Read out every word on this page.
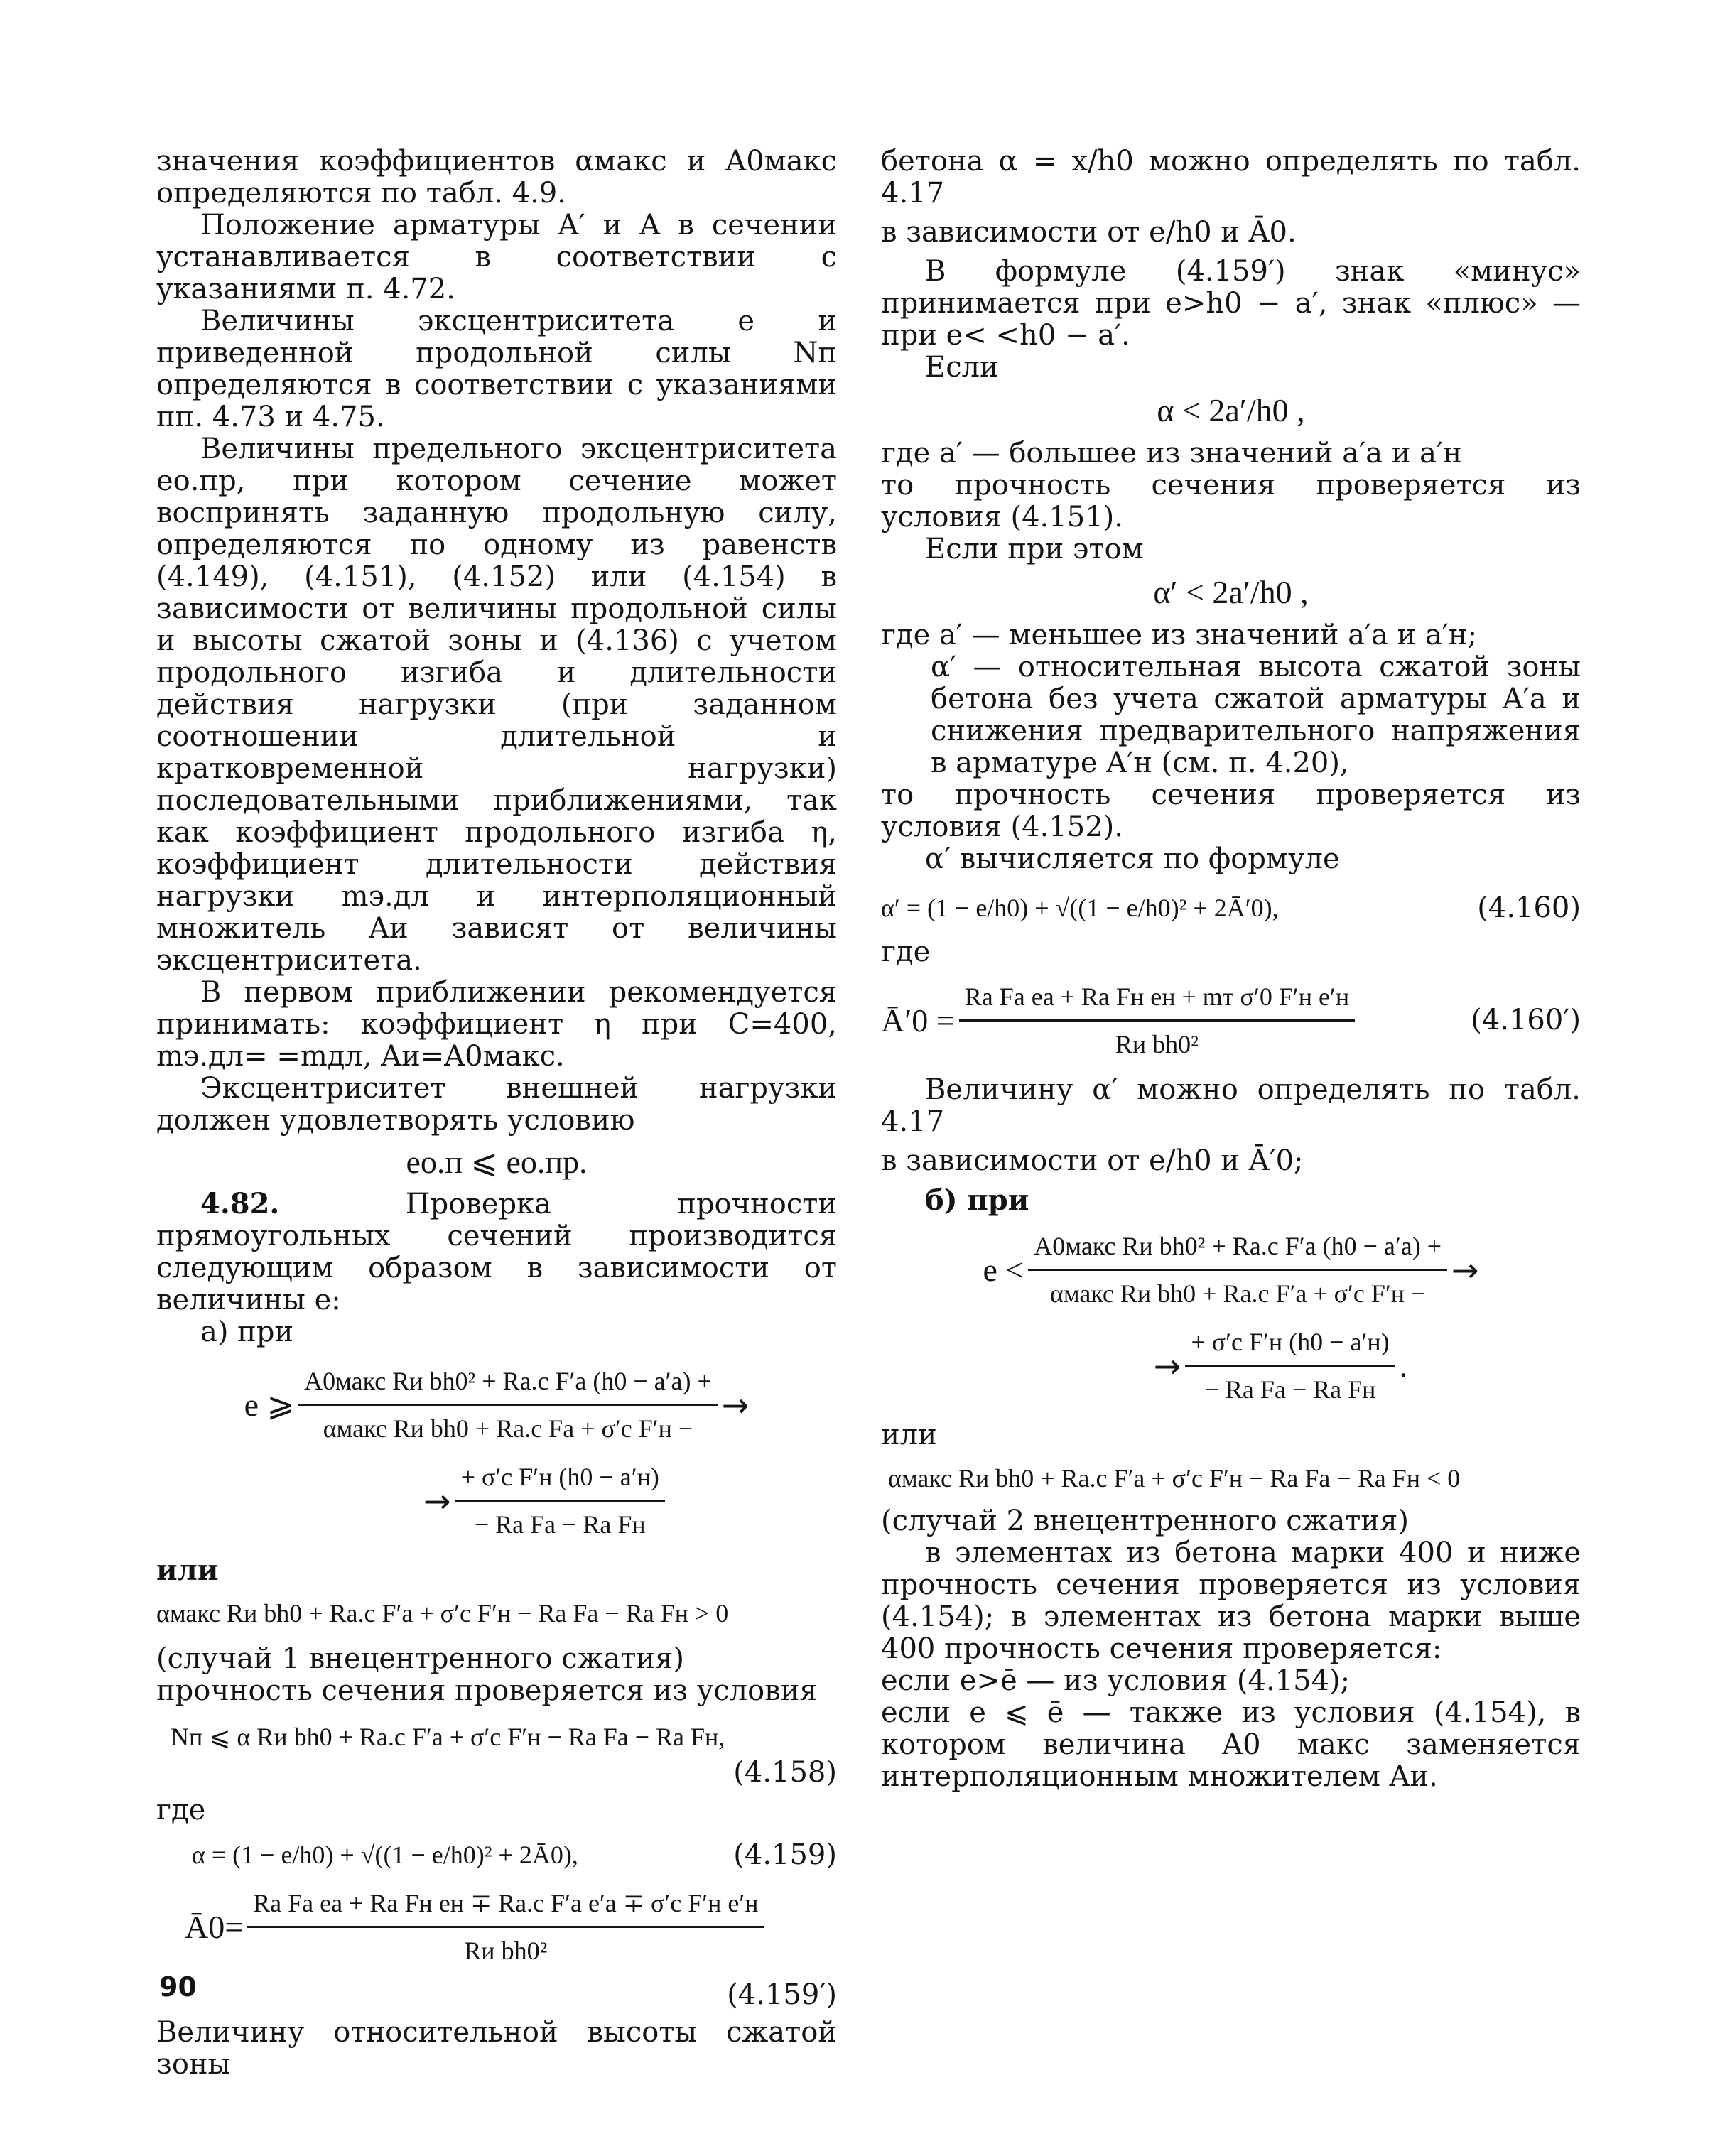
значения коэффициентов αмакс и A0макс определяются по табл. 4.9.

Положение арматуры A′ и A в сечении устанавливается в соответствии с указаниями п. 4.72.

Величины эксцентриситета e и приведенной продольной силы Nп определяются в соответствии с указаниями пп. 4.73 и 4.75.

Величины предельного эксцентриситета eо.пр, при котором сечение может воспринять заданную продольную силу, определяются по одному из равенств (4.149), (4.151), (4.152) или (4.154) в зависимости от величины продольной силы и высоты сжатой зоны и (4.136) с учетом продольного изгиба и длительности действия нагрузки (при заданном соотношении длительной и кратковременной нагрузки) последовательными приближениями, так как коэффициент продольного изгиба η, коэффициент длительности действия нагрузки mэ.дл и интерполяционный множитель Aи зависят от величины эксцентриситета.

В первом приближении рекомендуется принимать: коэффициент η при C=400, mэ.дл= =mдл, Aи=A0макс.

Эксцентриситет внешней нагрузки должен удовлетворять условию

eо.п ⩽ eо.пр.

4.82.	Проверка прочности прямоугольных сечений производится следующим образом в зависимости от величины e:

а) при

e ⩾ $\frac{\text{A0макс Rи bh0² + Rа.с F′а (h0 − a′а) +}}{\text{αмакс Rи bh0 + Rа.с Fа + σ′с F′н −}}$ →
→ $\frac{\text{+ σ′с F′н (h0 − a′н)}}{\text{− Rа Fа − Rа Fн}}$

или

αмакс Rи bh0 + Rа.с F′а + σ′с F′н − Rа Fа − Rа Fн > 0

(случай 1 внецентренного сжатия)

прочность сечения проверяется из условия

Nп ⩽ α Rи bh0 + Rа.с F′а + σ′с F′н − Rа Fа − Rа Fн,

(4.158)

где

α = (1 − e/h0) + √((1 − e/h0)² + 2Ā0),	(4.159)
Ā0= $\frac{\text{Rа Fа eа + Rа Fн eн ∓ Rа.с F′а e′а ∓ σ′с F′н e′н}}{\text{Rи bh0²}}$

(4.159′)

Величину относительной высоты сжатой зоны

бетона α = x/h0 можно определять по табл. 4.17

в зависимости от e/h0 и Ā0.

В формуле (4.159′) знак «минус» принимается при e>h0 − a′, знак «плюс» — при e< <h0 − a′.

Если

α < 2a′/h0 ,

где a′ — большее из значений a′а и a′н

то прочность сечения проверяется из условия (4.151).

Если при этом

α′ < 2a′/h0 ,

где a′ — меньшее из значений a′а и a′н;

α′ — относительная высота сжатой зоны бетона без учета сжатой арматуры A′а и снижения предварительного напряжения в арматуре A′н (см. п. 4.20),

то прочность сечения проверяется из условия (4.152).

α′ вычисляется по формуле

α′ = (1 − e/h0) + √((1 − e/h0)² + 2Ā′0),	(4.160)

где

Ā′0 = $\frac{\text{Rа Fа eа + Rа Fн eн + mт σ′0 F′н e′н}}{\text{Rи bh0²}}$	(4.160′)

Величину α′ можно определять по табл. 4.17

в зависимости от e/h0 и Ā′0;

б) при

$e < \frac{\text{A0макс Rи bh0² + Rа.с F′а (h0 − a′а) +}}{\text{αмакс Rи bh0 + Rа.с F′а + σ′с F′н −}}$ →
→ $\frac{\text{+ σ′с F′н (h0 − a′н)}}{\text{− Rа Fа − Rа Fн}}$ .

или

αмакс Rи bh0 + Rа.с F′а + σ′с F′н − Rа Fа − Rа Fн < 0

(случай 2 внецентренного сжатия)

в элементах из бетона марки 400 и ниже прочность сечения проверяется из условия (4.154); в элементах из бетона марки выше 400 прочность сечения проверяется:

если e>ē — из условия (4.154);

если e ⩽ ē — также из условия (4.154), в котором величина A0 макс заменяется интерполяционным множителем Aи.

90
